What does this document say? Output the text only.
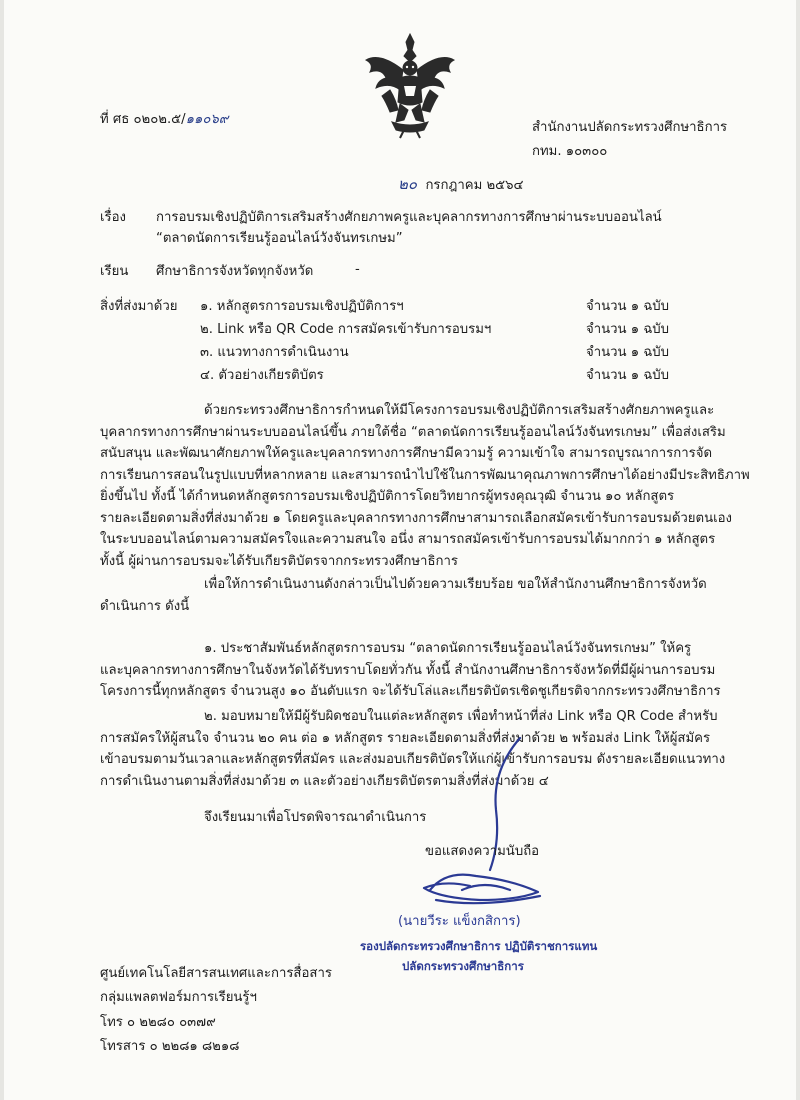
ที่ ศธ ๐๒๐๒.๕/๑๑๐๖๙
สำนักงานปลัดกระทรวงศึกษาธิการ
กทม. ๑๐๓๐๐
๒๐ กรกฎาคม ๒๕๖๔
เรื่อง การอบรมเชิงปฏิบัติการเสริมสร้างศักยภาพครูและบุคลากรทางการศึกษาผ่านระบบออนไลน์
“ตลาดนัดการเรียนรู้ออนไลน์วังจันทรเกษม”
เรียน ศึกษาธิการจังหวัดทุกจังหวัด	-
สิ่งที่ส่งมาด้วย ๑. หลักสูตรการอบรมเชิงปฏิบัติการฯ	จำนวน ๑ ฉบับ
๒. Link หรือ QR Code การสมัครเข้ารับการอบรมฯ	จำนวน ๑ ฉบับ
๓. แนวทางการดำเนินงาน	จำนวน ๑ ฉบับ
๔. ตัวอย่างเกียรติบัตร	จำนวน ๑ ฉบับ
ด้วยกระทรวงศึกษาธิการกำหนดให้มีโครงการอบรมเชิงปฏิบัติการเสริมสร้างศักยภาพครูและ
บุคลากรทางการศึกษาผ่านระบบออนไลน์ขึ้น ภายใต้ชื่อ “ตลาดนัดการเรียนรู้ออนไลน์วังจันทรเกษม” เพื่อส่งเสริม
สนับสนุน และพัฒนาศักยภาพให้ครูและบุคลากรทางการศึกษามีความรู้ ความเข้าใจ สามารถบูรณาการการจัด
การเรียนการสอนในรูปแบบที่หลากหลาย และสามารถนำไปใช้ในการพัฒนาคุณภาพการศึกษาได้อย่างมีประสิทธิภาพ
ยิ่งขึ้นไป ทั้งนี้ ได้กำหนดหลักสูตรการอบรมเชิงปฏิบัติการโดยวิทยากรผู้ทรงคุณวุฒิ จำนวน ๑๐ หลักสูตร
รายละเอียดตามสิ่งที่ส่งมาด้วย ๑ โดยครูและบุคลากรทางการศึกษาสามารถเลือกสมัครเข้ารับการอบรมด้วยตนเอง
ในระบบออนไลน์ตามความสมัครใจและความสนใจ อนึ่ง สามารถสมัครเข้ารับการอบรมได้มากกว่า ๑ หลักสูตร
ทั้งนี้ ผู้ผ่านการอบรมจะได้รับเกียรติบัตรจากกระทรวงศึกษาธิการ
เพื่อให้การดำเนินงานดังกล่าวเป็นไปด้วยความเรียบร้อย ขอให้สำนักงานศึกษาธิการจังหวัด
ดำเนินการ ดังนี้
๑. ประชาสัมพันธ์หลักสูตรการอบรม “ตลาดนัดการเรียนรู้ออนไลน์วังจันทรเกษม” ให้ครู
และบุคลากรทางการศึกษาในจังหวัดได้รับทราบโดยทั่วกัน ทั้งนี้ สำนักงานศึกษาธิการจังหวัดที่มีผู้ผ่านการอบรม
โครงการนี้ทุกหลักสูตร จำนวนสูง ๑๐ อันดับแรก จะได้รับโล่และเกียรติบัตรเชิดชูเกียรติจากกระทรวงศึกษาธิการ
๒. มอบหมายให้มีผู้รับผิดชอบในแต่ละหลักสูตร เพื่อทำหน้าที่ส่ง Link หรือ QR Code สำหรับ
การสมัครให้ผู้สนใจ จำนวน ๒๐ คน ต่อ ๑ หลักสูตร รายละเอียดตามสิ่งที่ส่งมาด้วย ๒ พร้อมส่ง Link ให้ผู้สมัคร
เข้าอบรมตามวันเวลาและหลักสูตรที่สมัคร และส่งมอบเกียรติบัตรให้แก่ผู้เข้ารับการอบรม ดังรายละเอียดแนวทาง
การดำเนินงานตามสิ่งที่ส่งมาด้วย ๓ และตัวอย่างเกียรติบัตรตามสิ่งที่ส่งมาด้วย ๔
จึงเรียนมาเพื่อโปรดพิจารณาดำเนินการ
ขอแสดงความนับถือ
(นายวีระ แข็งกสิการ)
รองปลัดกระทรวงศึกษาธิการ ปฏิบัติราชการแทน
ปลัดกระทรวงศึกษาธิการ
ศูนย์เทคโนโลยีสารสนเทศและการสื่อสาร
กลุ่มแพลตฟอร์มการเรียนรู้ฯ
โทร ๐ ๒๒๘๐ ๐๓๗๙
โทรสาร ๐ ๒๒๘๑ ๘๒๑๘
